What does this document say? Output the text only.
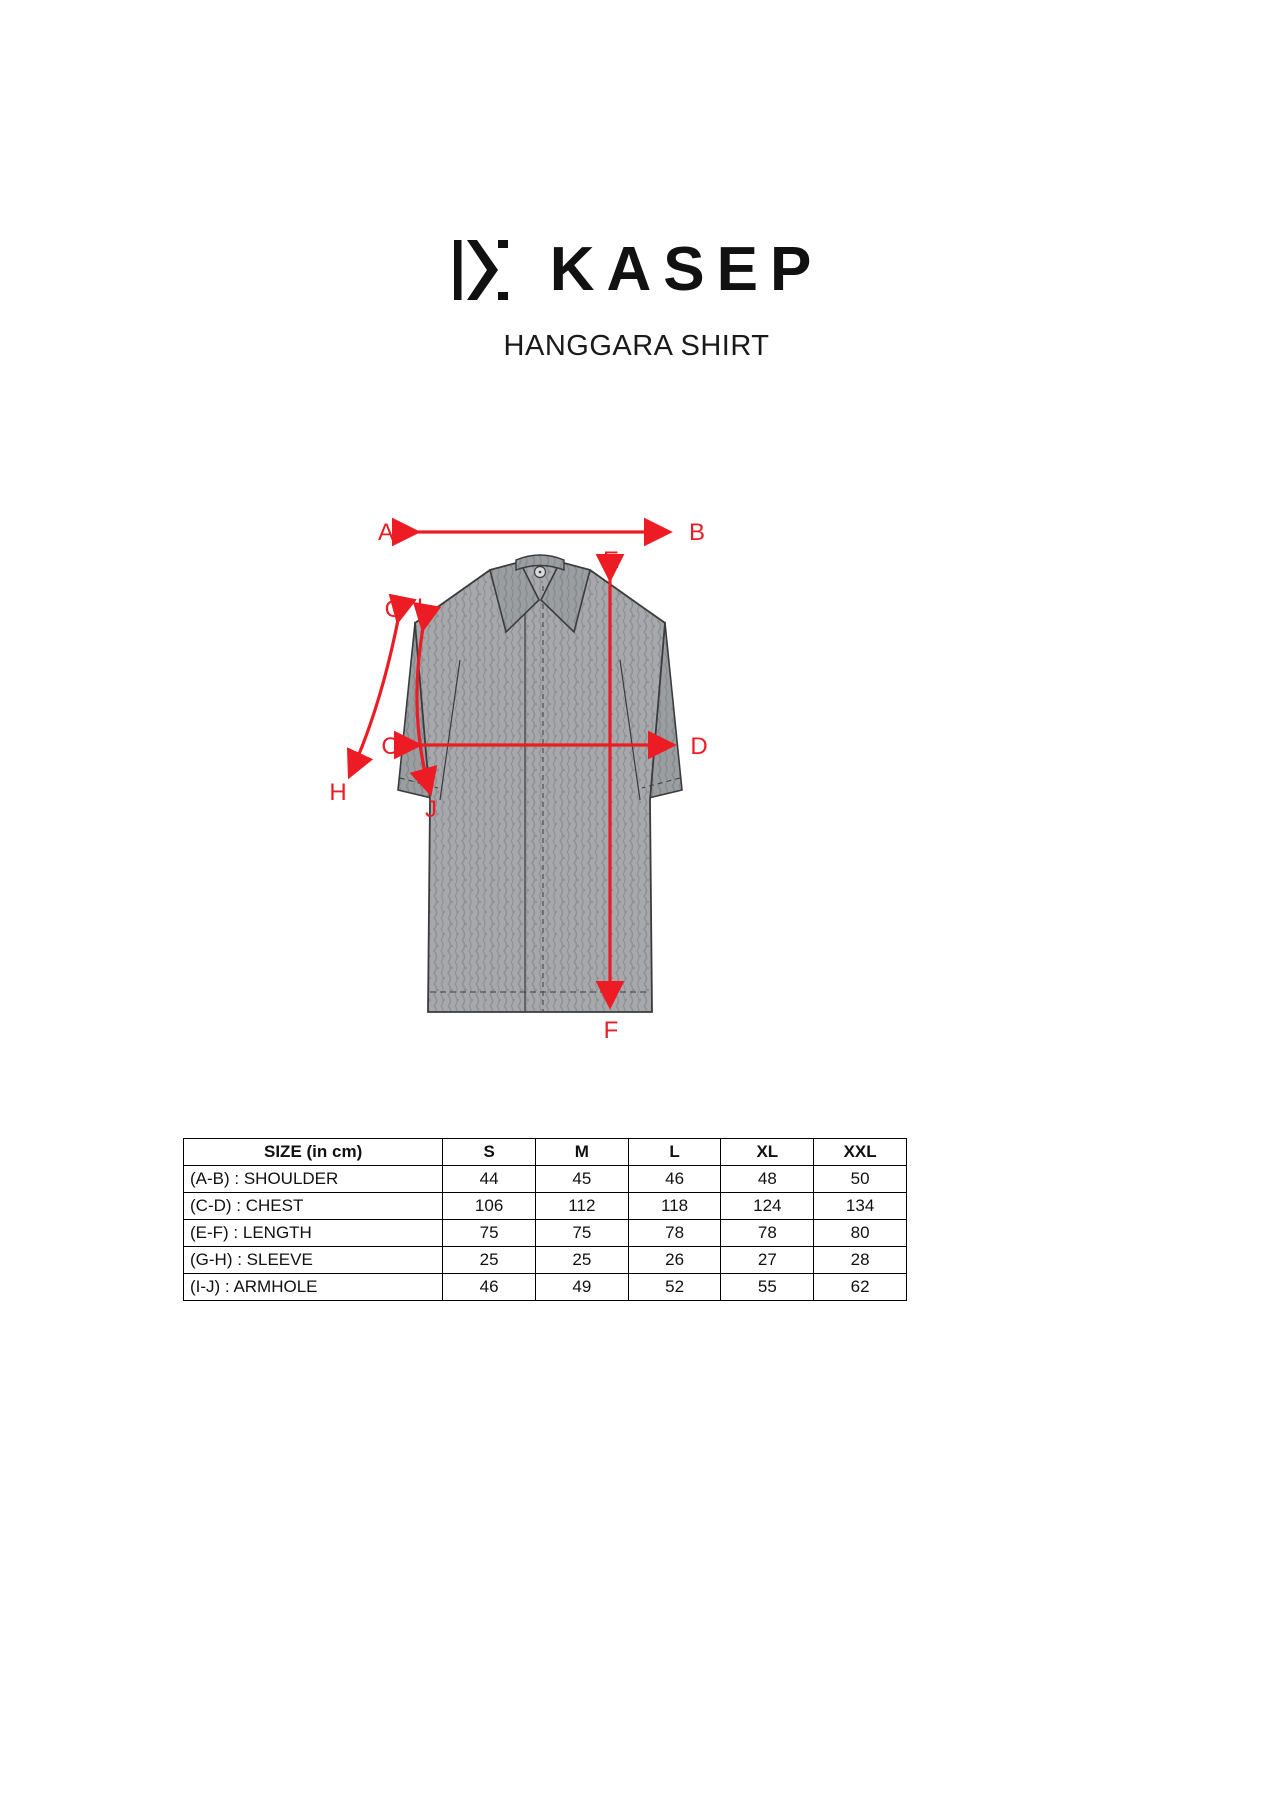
KASEP
HANGGARA SHIRT
A	B
C	D
E
F
G
H
I
J
SIZE (in cm)	S	M	L	XL	XXL
(A-B) : SHOULDER	44	45	46	48	50
(C-D) : CHEST	106	112	118	124	134
(E-F) : LENGTH	75	75	78	78	80
(G-H) : SLEEVE	25	25	26	27	28
(I-J) : ARMHOLE	46	49	52	55	62
